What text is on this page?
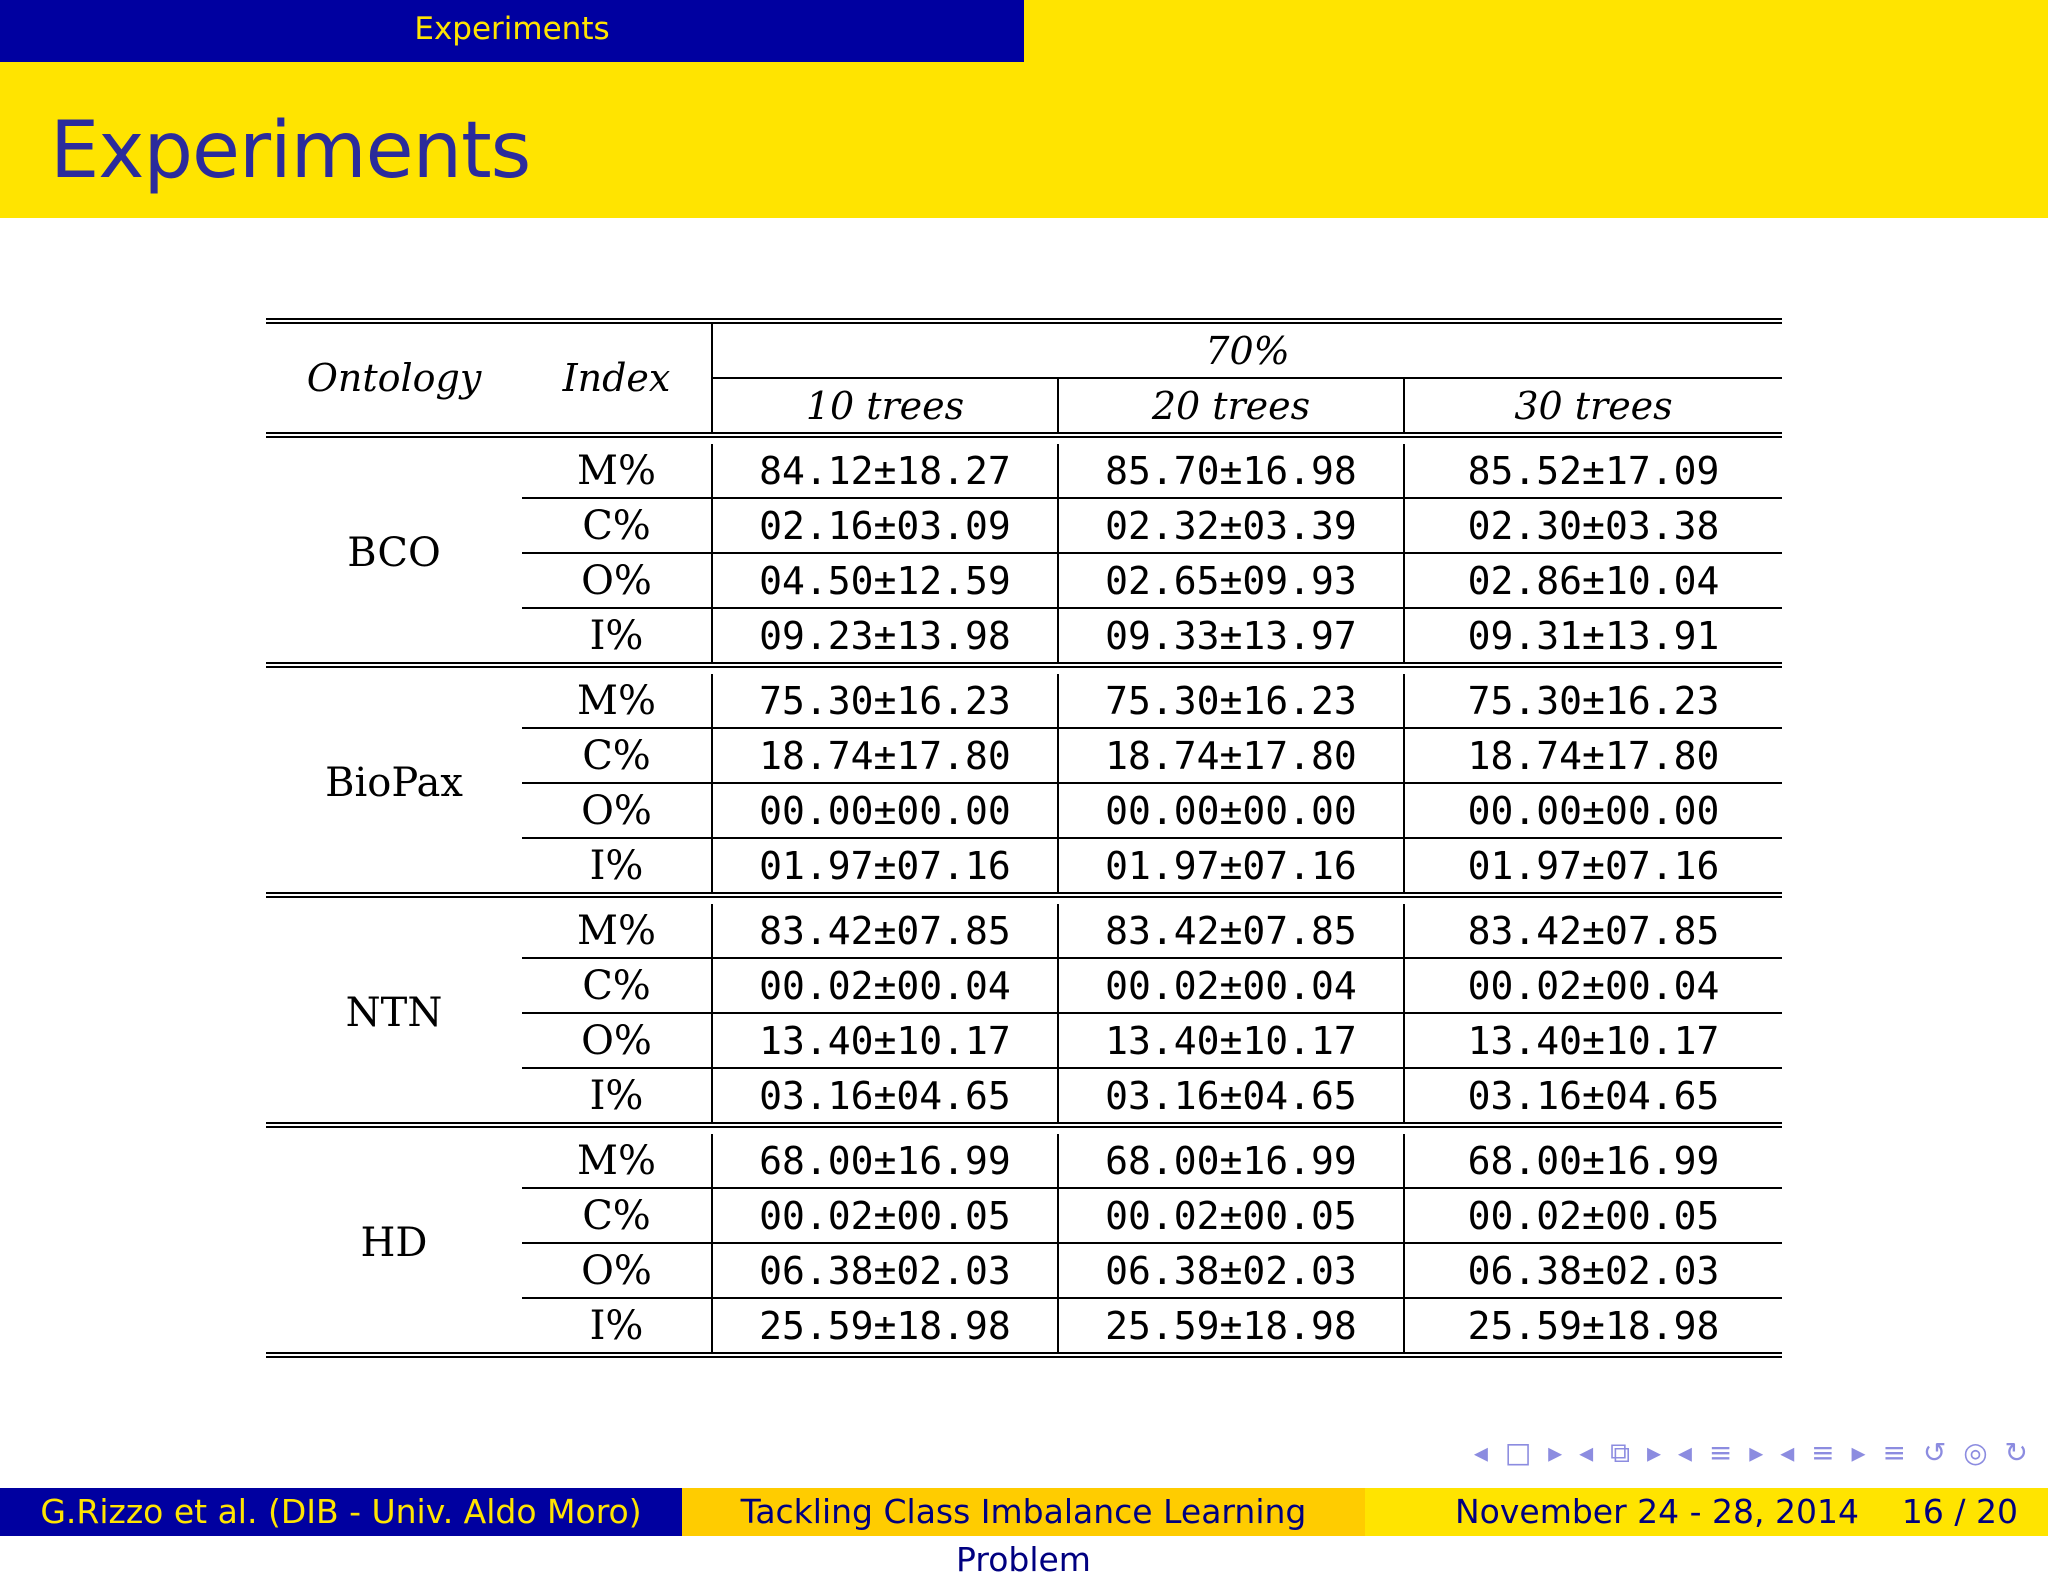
Experiments
Experiments
Ontology	Index	70%		
		10 trees	20 trees	30 trees

BCO	M%	84.12±18.27	85.70±16.98	85.52±17.09
	C%	02.16±03.09	02.32±03.39	02.30±03.38
	O%	04.50±12.59	02.65±09.93	02.86±10.04
	I%	09.23±13.98	09.33±13.97	09.31±13.91

BioPax	M%	75.30±16.23	75.30±16.23	75.30±16.23
	C%	18.74±17.80	18.74±17.80	18.74±17.80
	O%	00.00±00.00	00.00±00.00	00.00±00.00
	I%	01.97±07.16	01.97±07.16	01.97±07.16

NTN	M%	83.42±07.85	83.42±07.85	83.42±07.85
	C%	00.02±00.04	00.02±00.04	00.02±00.04
	O%	13.40±10.17	13.40±10.17	13.40±10.17
	I%	03.16±04.65	03.16±04.65	03.16±04.65

HD	M%	68.00±16.99	68.00±16.99	68.00±16.99
	C%	00.02±00.05	00.02±00.05	00.02±00.05
	O%	06.38±02.03	06.38±02.03	06.38±02.03
	I%	25.59±18.98	25.59±18.98	25.59±18.98
◂ □ ▸ ◂ ⧉ ▸ ◂ ≡ ▸ ◂ ≡ ▸ ≡ ↺ ◎ ↻
G.Rizzo et al. (DIB - Univ. Aldo Moro)	Tackling Class Imbalance Learning Problem
November 24 - 28, 2014 16 / 20
